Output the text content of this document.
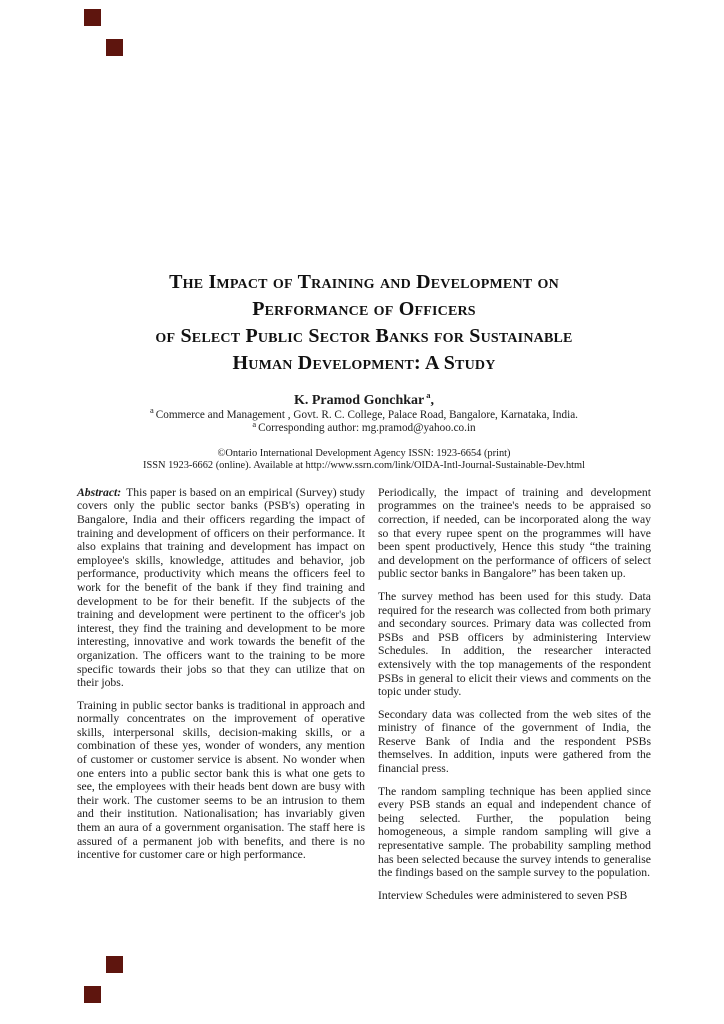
The Impact of Training and Development on
Performance of Officers
of Select Public Sector Banks for Sustainable
Human Development: A Study
K. Pramod Gonchkar $^a$,
$^a$ Commerce and Management , Govt. R. C. College, Palace Road, Bangalore, Karnataka, India.
$^a$ Corresponding author: mg.pramod@yahoo.co.in
©Ontario International Development Agency ISSN: 1923-6654 (print)
ISSN 1923-6662 (online). Available at http://www.ssrn.com/link/OIDA-Intl-Journal-Sustainable-Dev.html

Abstract: This paper is based on an empirical (Survey) study covers only the public sector banks (PSB's) operating in Bangalore, India and their officers regarding the impact of training and development of officers on their performance. It also explains that training and development has impact on employee's skills, knowledge, attitudes and behavior, job performance, productivity which means the officers feel to work for the benefit of the bank if they find training and development to be for their benefit. If the subjects of the training and development were pertinent to the officer's job interest, they find the training and development to be more interesting, innovative and work towards the benefit of the organization. The officers want to the training to be more specific towards their jobs so that they can utilize that on their jobs.

Training in public sector banks is traditional in approach and normally concentrates on the improvement of operative skills, interpersonal skills, decision-making skills, or a combination of these yes, wonder of wonders, any mention of customer or customer service is absent. No wonder when one enters into a public sector bank this is what one gets to see, the employees with their heads bent down are busy with their work. The customer seems to be an intrusion to them and their institution. Nationalisation; has invariably given them an aura of a government organisation. The staff here is assured of a permanent job with benefits, and there is no incentive for customer care or high performance.

Periodically, the impact of training and development programmes on the trainee's needs to be appraised so correction, if needed, can be incorporated along the way so that every rupee spent on the programmes will have been spent productively, Hence this study “the training and development on the performance of officers of select public sector banks in Bangalore” has been taken up.

The survey method has been used for this study. Data required for the research was collected from both primary and secondary sources. Primary data was collected from PSBs and PSB officers by administering Interview Schedules. In addition, the researcher interacted extensively with the top managements of the respondent PSBs in general to elicit their views and comments on the topic under study.

Secondary data was collected from the web sites of the ministry of finance of the government of India, the Reserve Bank of India and the respondent PSBs themselves. In addition, inputs were gathered from the financial press.

The random sampling technique has been applied since every PSB stands an equal and independent chance of being selected. Further, the population being homogeneous, a simple random sampling will give a representative sample. The probability sampling method has been selected because the survey intends to generalise the findings based on the sample survey to the population.

Interview Schedules were administered to seven PSB
